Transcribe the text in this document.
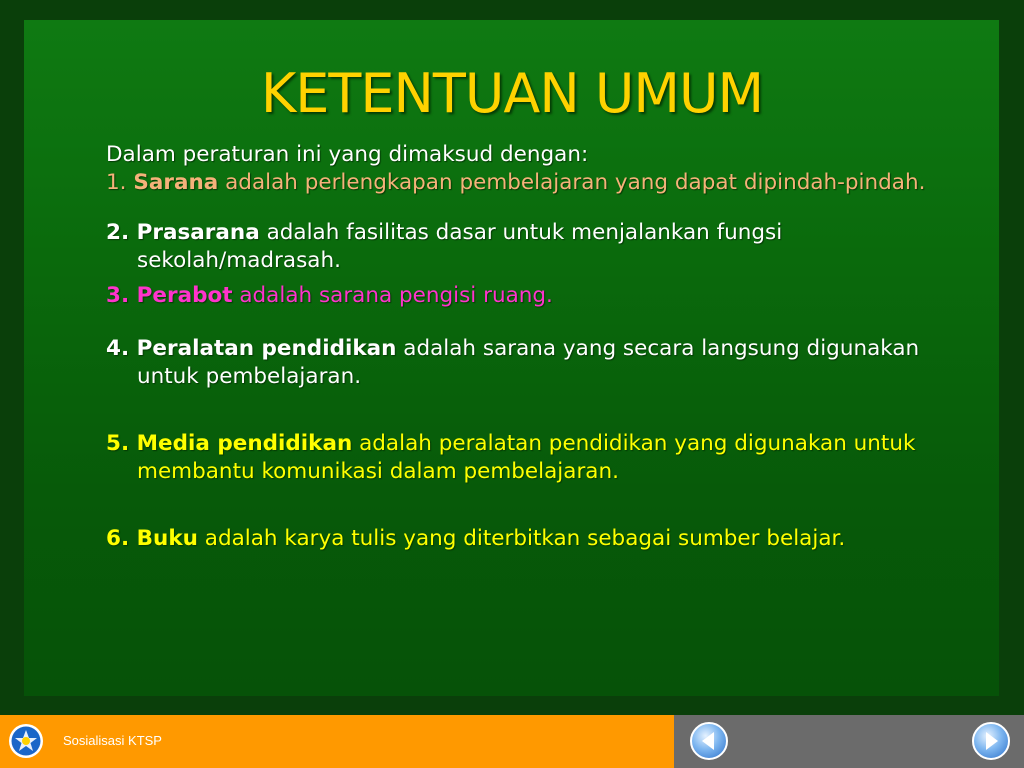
KETENTUAN UMUM
Dalam peraturan ini yang dimaksud dengan:
1. Sarana adalah perlengkapan pembelajaran yang dapat dipindah-pindah.
2. Prasarana adalah fasilitas dasar untuk menjalankan fungsi sekolah/madrasah.
3. Perabot adalah sarana pengisi ruang.
4. Peralatan pendidikan adalah sarana yang secara langsung digunakan untuk pembelajaran.
5. Media pendidikan adalah peralatan pendidikan yang digunakan untuk membantu komunikasi dalam pembelajaran.
6. Buku adalah karya tulis yang diterbitkan sebagai sumber belajar.
Sosialisasi KTSP
